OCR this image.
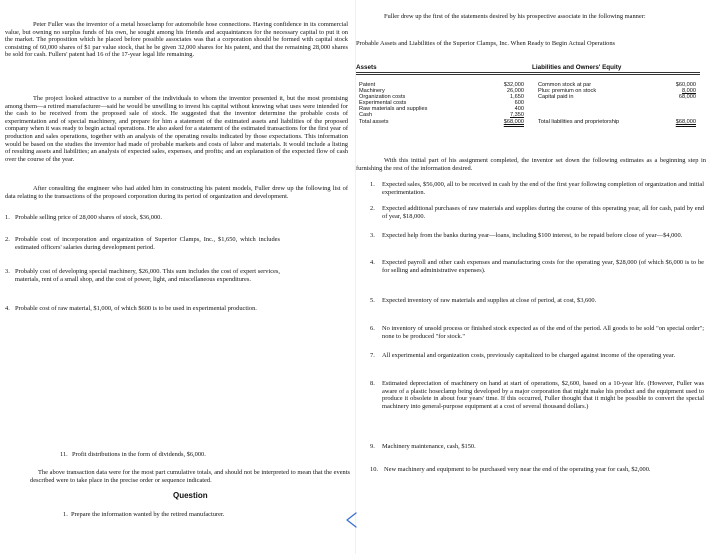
Peter Fuller was the inventor of a metal hoseclamp for automobile hose connections. Having confidence in its commercial value, but owning no surplus funds of his own, he sought among his friends and acquaintances for the necessary capital to put it on the market. The proposition which he placed before possible associates was that a corporation should be formed with capital stock consisting of 60,000 shares of $1 par value stock, that he be given 32,000 shares for his patent, and that the remaining 28,000 shares be sold for cash. Fullers' patent had 16 of the 17-year legal life remaining.

The project looked attractive to a number of the individuals to whom the inventor presented it, but the most promising among them—a retired manufacturer—said he would be unwilling to invest his capital without knowing what uses were intended for the cash to be received from the proposed sale of stock. He suggested that the inventor determine the probable costs of experimentation and of special machinery, and prepare for him a statement of the estimated assets and liabilities of the proposed company when it was ready to begin actual operations. He also asked for a statement of the estimated transactions for the first year of production and sales operations, together with an analysis of the operating results indicated by those expectations. This information would be based on the studies the inventor had made of probable markets and costs of labor and materials. It would include a listing of resulting assets and liabilities; an analysis of expected sales, expenses, and profits; and an explanation of the expected flow of cash over the course of the year.

After consulting the engineer who had aided him in constructing his patent models, Fuller drew up the following list of data relating to the transactions of the proposed corporation during its period of organization and development.

1. Probable selling price of 28,000 shares of stock, $36,000.
2. Probable cost of incorporation and organization of Superior Clamps, Inc., $1,650, which includes estimated officers' salaries during development period.
3. Probably cost of developing special machinery, $26,000. This sum includes the cost of expert services, materials, rent of a small shop, and the cost of power, light, and miscellaneous expenditures.
4. Probable cost of raw material, $1,000, of which $600 is to be used in experimental production.
11. Profit distributions in the form of dividends, $6,000.

The above transaction data were for the most part cumulative totals, and should not be interpreted to mean that the events described were to take place in the precise order or sequence indicated.

Question
1. Prepare the information wanted by the retired manufacturer.

Fuller drew up the first of the statements desired by his prospective associate in the following manner:

Probable Assets and Liabilities of the Superior Clamps, Inc. When Ready to Begin Actual Operations

Assets	Liabilities and Owners' Equity
Patent
Machinery
Organization costs
Experimental costs
Raw materials and supplies
Cash
Total assets
$32,000
26,000
1,650
600
400
7,350
$68,000
Common stock at par
Plus: premium on stock
Capital paid in
Total liabilities and proprietorship
$60,000
8,000
68,000
$68,000

With this initial part of his assignment completed, the inventor set down the following estimates as a beginning step in furnishing the rest of the information desired.

1. Expected sales, $56,000, all to be received in cash by the end of the first year following completion of organization and initial experimentation.
2. Expected additional purchases of raw materials and supplies during the course of this operating year, all for cash, paid by end of year, $18,000.
3. Expected help from the banks during year—loans, including $100 interest, to be repaid before close of year—$4,000.
4. Expected payroll and other cash expenses and manufacturing costs for the operating year, $28,000 (of which $6,000 is to be for selling and administrative expenses).
5. Expected inventory of raw materials and supplies at close of period, at cost, $3,600.
6. No inventory of unsold process or finished stock expected as of the end of the period. All goods to be sold "on special order"; none to be produced "for stock."
7. All experimental and organization costs, previously capitalized to be charged against income of the operating year.
8. Estimated depreciation of machinery on hand at start of operations, $2,600, based on a 10-year life. (However, Fuller was aware of a plastic hoseclamp being developed by a major corporation that might make his product and the equipment used to produce it obsolete in about four years' time. If this occurred, Fuller thought that it might be possible to convert the special machinery into general-purpose equipment at a cost of several thousand dollars.)
9. Machinery maintenance, cash, $150.
10. New machinery and equipment to be purchased very near the end of the operating year for cash, $2,000.
